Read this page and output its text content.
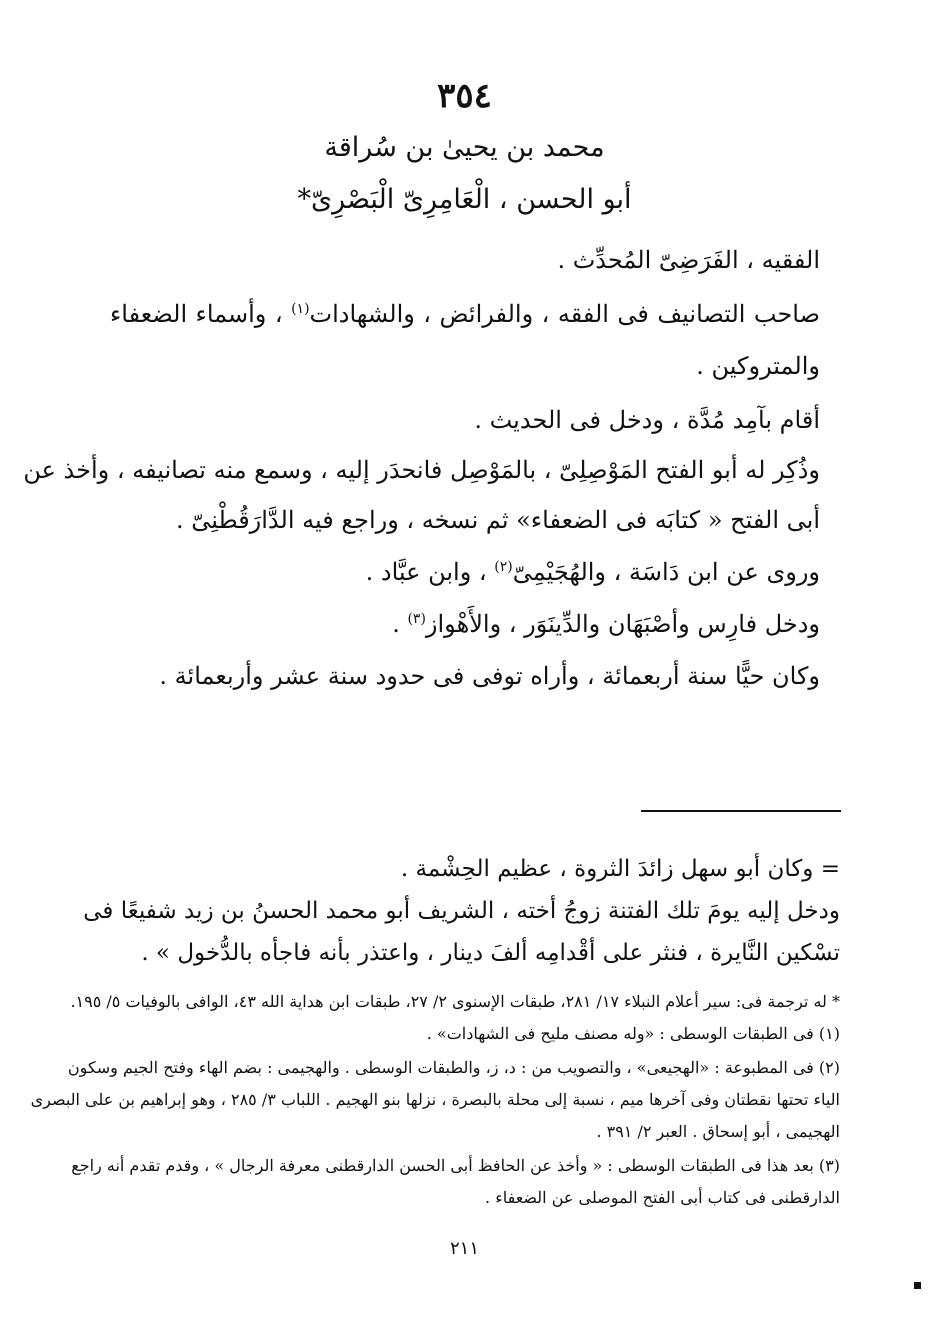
٣٥٤
محمد بن يحيىٰ بن سُراقة
أبو الحسن ، الْعَامِرِىّ الْبَصْرِىّ*
الفقيه ، الفَرَضِىّ المُحدِّث .
صاحب التصانيف فى الفقه ، والفرائض ، والشهادات$^{(١)}$ ، وأسماء الضعفاء
والمتروكين .
أقام بآمِد مُدَّة ، ودخل فى الحديث .
وذُكِر له أبو الفتح المَوْصِلِىّ ، بالمَوْصِل فانحدَر إليه ، وسمع منه تصانيفه ، وأخذ عن
أبى الفتح « كتابَه فى الضعفاء» ثم نسخه ، وراجع فيه الدَّارَقُطْنِىّ .
وروى عن ابن دَاسَة ، والهُجَيْمِىّ$^{(٢)}$ ، وابن عبَّاد .
ودخل فارِس وأصْبَهَان والدِّينَوَر ، والأَهْواز$^{(٣)}$ .
وكان حيًّا سنة أربعمائة ، وأراه توفى فى حدود سنة عشر وأربعمائة .
= وكان أبو سهل زائدَ الثروة ، عظيم الحِشْمة .
ودخل إليه يومَ تلك الفتنة زوجُ أخته ، الشريف أبو محمد الحسنُ بن زيد شفيعًا فى
تسْكين النَّايرة ، فنثر على أقْدامِه ألفَ دينار ، واعتذر بأنه فاجأه بالدُّخول » .
* له ترجمة فى: سير أعلام النبلاء ١٧/ ٢٨١، طبقات الإسنوى ٢/ ٢٧، طبقات ابن هداية الله ٤٣، الوافى بالوفيات ٥/ ١٩٥.
(١) فى الطبقات الوسطى : «وله مصنف مليح فى الشهادات» .
(٢) فى المطبوعة : «الهجيعى» ، والتصويب من : د، ز، والطبقات الوسطى . والهجيمى : بضم الهاء وفتح الجيم وسكون
الياء تحتها نقطتان وفى آخرها ميم ، نسبة إلى محلة بالبصرة ، نزلها بنو الهجيم . اللباب ٣/ ٢٨٥ ، وهو إبراهيم بن على البصرى
الهجيمى ، أبو إسحاق . العبر ٢/ ٣٩١ .
(٣) بعد هذا فى الطبقات الوسطى : « وأخذ عن الحافظ أبى الحسن الدارقطنى معرفة الرجال » ، وقدم تقدم أنه راجع
الدارقطنى فى كتاب أبى الفتح الموصلى عن الضعفاء .
٢١١
